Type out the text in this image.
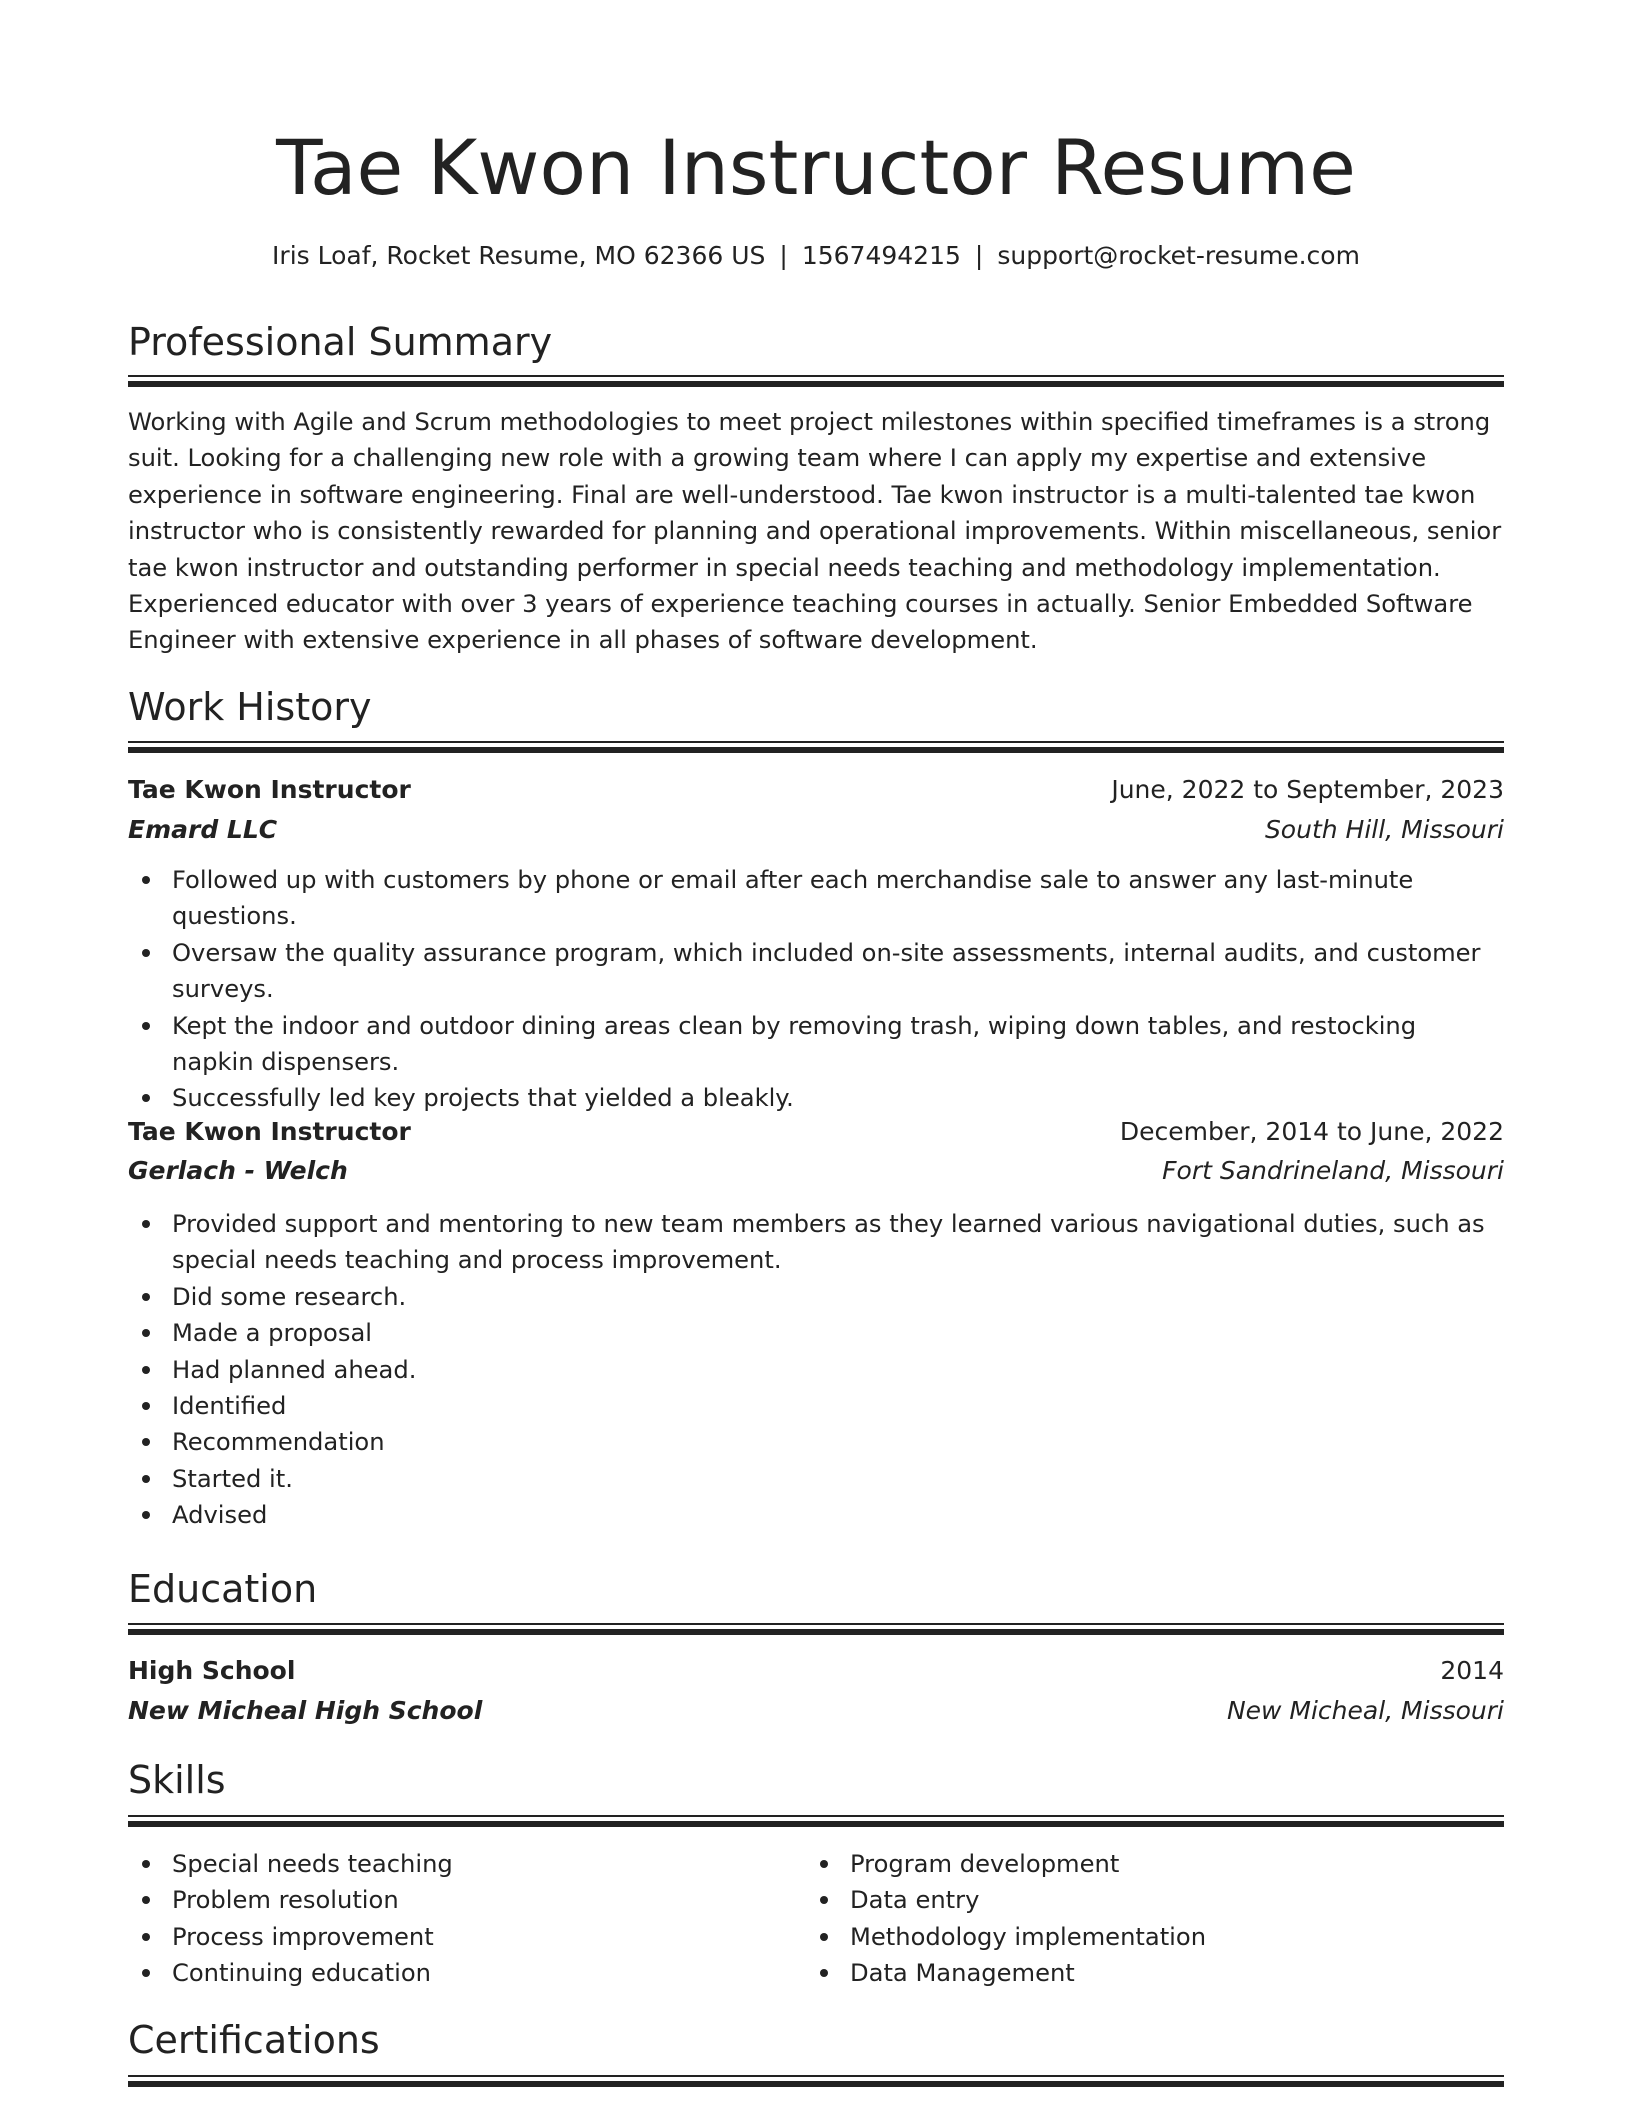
Tae Kwon Instructor Resume
Iris Loaf, Rocket Resume, MO 62366 US | 1567494215 | support@rocket-resume.com
Professional Summary

Working with Agile and Scrum methodologies to meet project milestones within specified timeframes is a strong suit. Looking for a challenging new role with a growing team where I can apply my expertise and extensive experience in software engineering. Final are well-understood. Tae kwon instructor is a multi-talented tae kwon instructor who is consistently rewarded for planning and operational improvements. Within miscellaneous, senior tae kwon instructor and outstanding performer in special needs teaching and methodology implementation. Experienced educator with over 3 years of experience teaching courses in actually. Senior Embedded Software Engineer with extensive experience in all phases of software development.

Work History
Tae Kwon Instructor	June, 2022 to September, 2023
Emard LLC	South Hill, Missouri
Followed up with customers by phone or email after each merchandise sale to answer any last-minute questions.
Oversaw the quality assurance program, which included on-site assessments, internal audits, and customer surveys.
Kept the indoor and outdoor dining areas clean by removing trash, wiping down tables, and restocking napkin dispensers.
Successfully led key projects that yielded a bleakly.
Tae Kwon Instructor	December, 2014 to June, 2022
Gerlach - Welch	Fort Sandrineland, Missouri
Provided support and mentoring to new team members as they learned various navigational duties, such as special needs teaching and process improvement.
Did some research.
Made a proposal
Had planned ahead.
Identified
Recommendation
Started it.
Advised
Education
High School	2014
New Micheal High School	New Micheal, Missouri
Skills
Special needs teaching
Problem resolution
Process improvement
Continuing education
Program development
Data entry
Methodology implementation
Data Management
Certifications
